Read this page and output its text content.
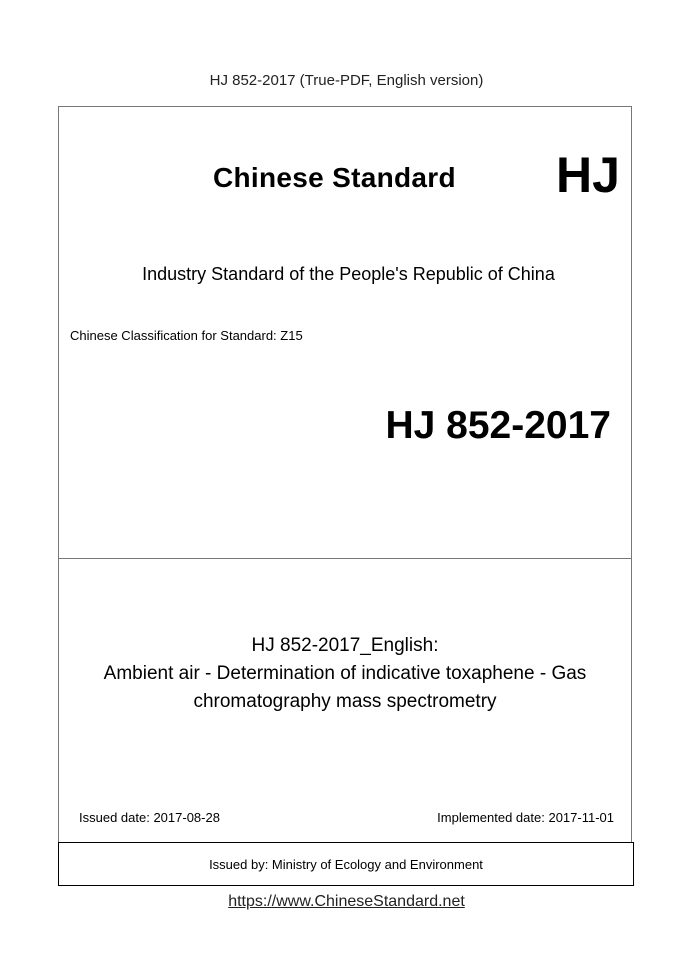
HJ 852-2017 (True-PDF, English version)
Chinese Standard HJ
Industry Standard of the People's Republic of China
Chinese Classification for Standard: Z15
HJ 852-2017
HJ 852-2017_English:
Ambient air - Determination of indicative toxaphene - Gas
chromatography mass spectrometry
Issued date: 2017-08-28	Implemented date: 2017-11-01
Issued by: Ministry of Ecology and Environment
https://www.ChineseStandard.net
